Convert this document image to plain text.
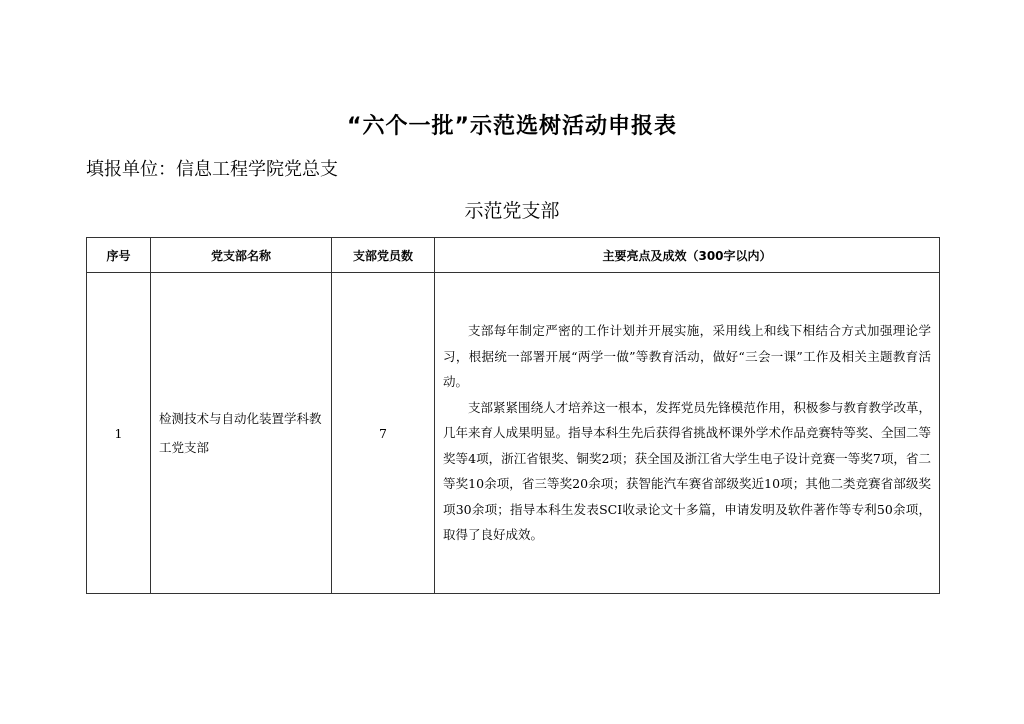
“六个一批”示范选树活动申报表
填报单位：信息工程学院党总支
示范党支部
序号	党支部名称	支部党员数	主要亮点及成效（300字以内）
1	检测技术与自动化装置学科教工党支部	7	支部每年制定严密的工作计划并开展实施，采用线上和线下相结合方式加强理论学习，根据统一部署开展“两学一做”等教育活动，做好“三会一课”工作及相关主题教育活动。

支部紧紧围绕人才培养这一根本，发挥党员先锋模范作用，积极参与教育教学改革，几年来育人成果明显。指导本科生先后获得省挑战杯课外学术作品竞赛特等奖、全国二等奖等4项，浙江省银奖、铜奖2项；获全国及浙江省大学生电子设计竞赛一等奖7项，省二等奖10余项，省三等奖20余项；获智能汽车赛省部级奖近10项；其他二类竞赛省部级奖项30余项；指导本科生发表SCI收录论文十多篇，申请发明及软件著作等专利50余项，取得了良好成效。
